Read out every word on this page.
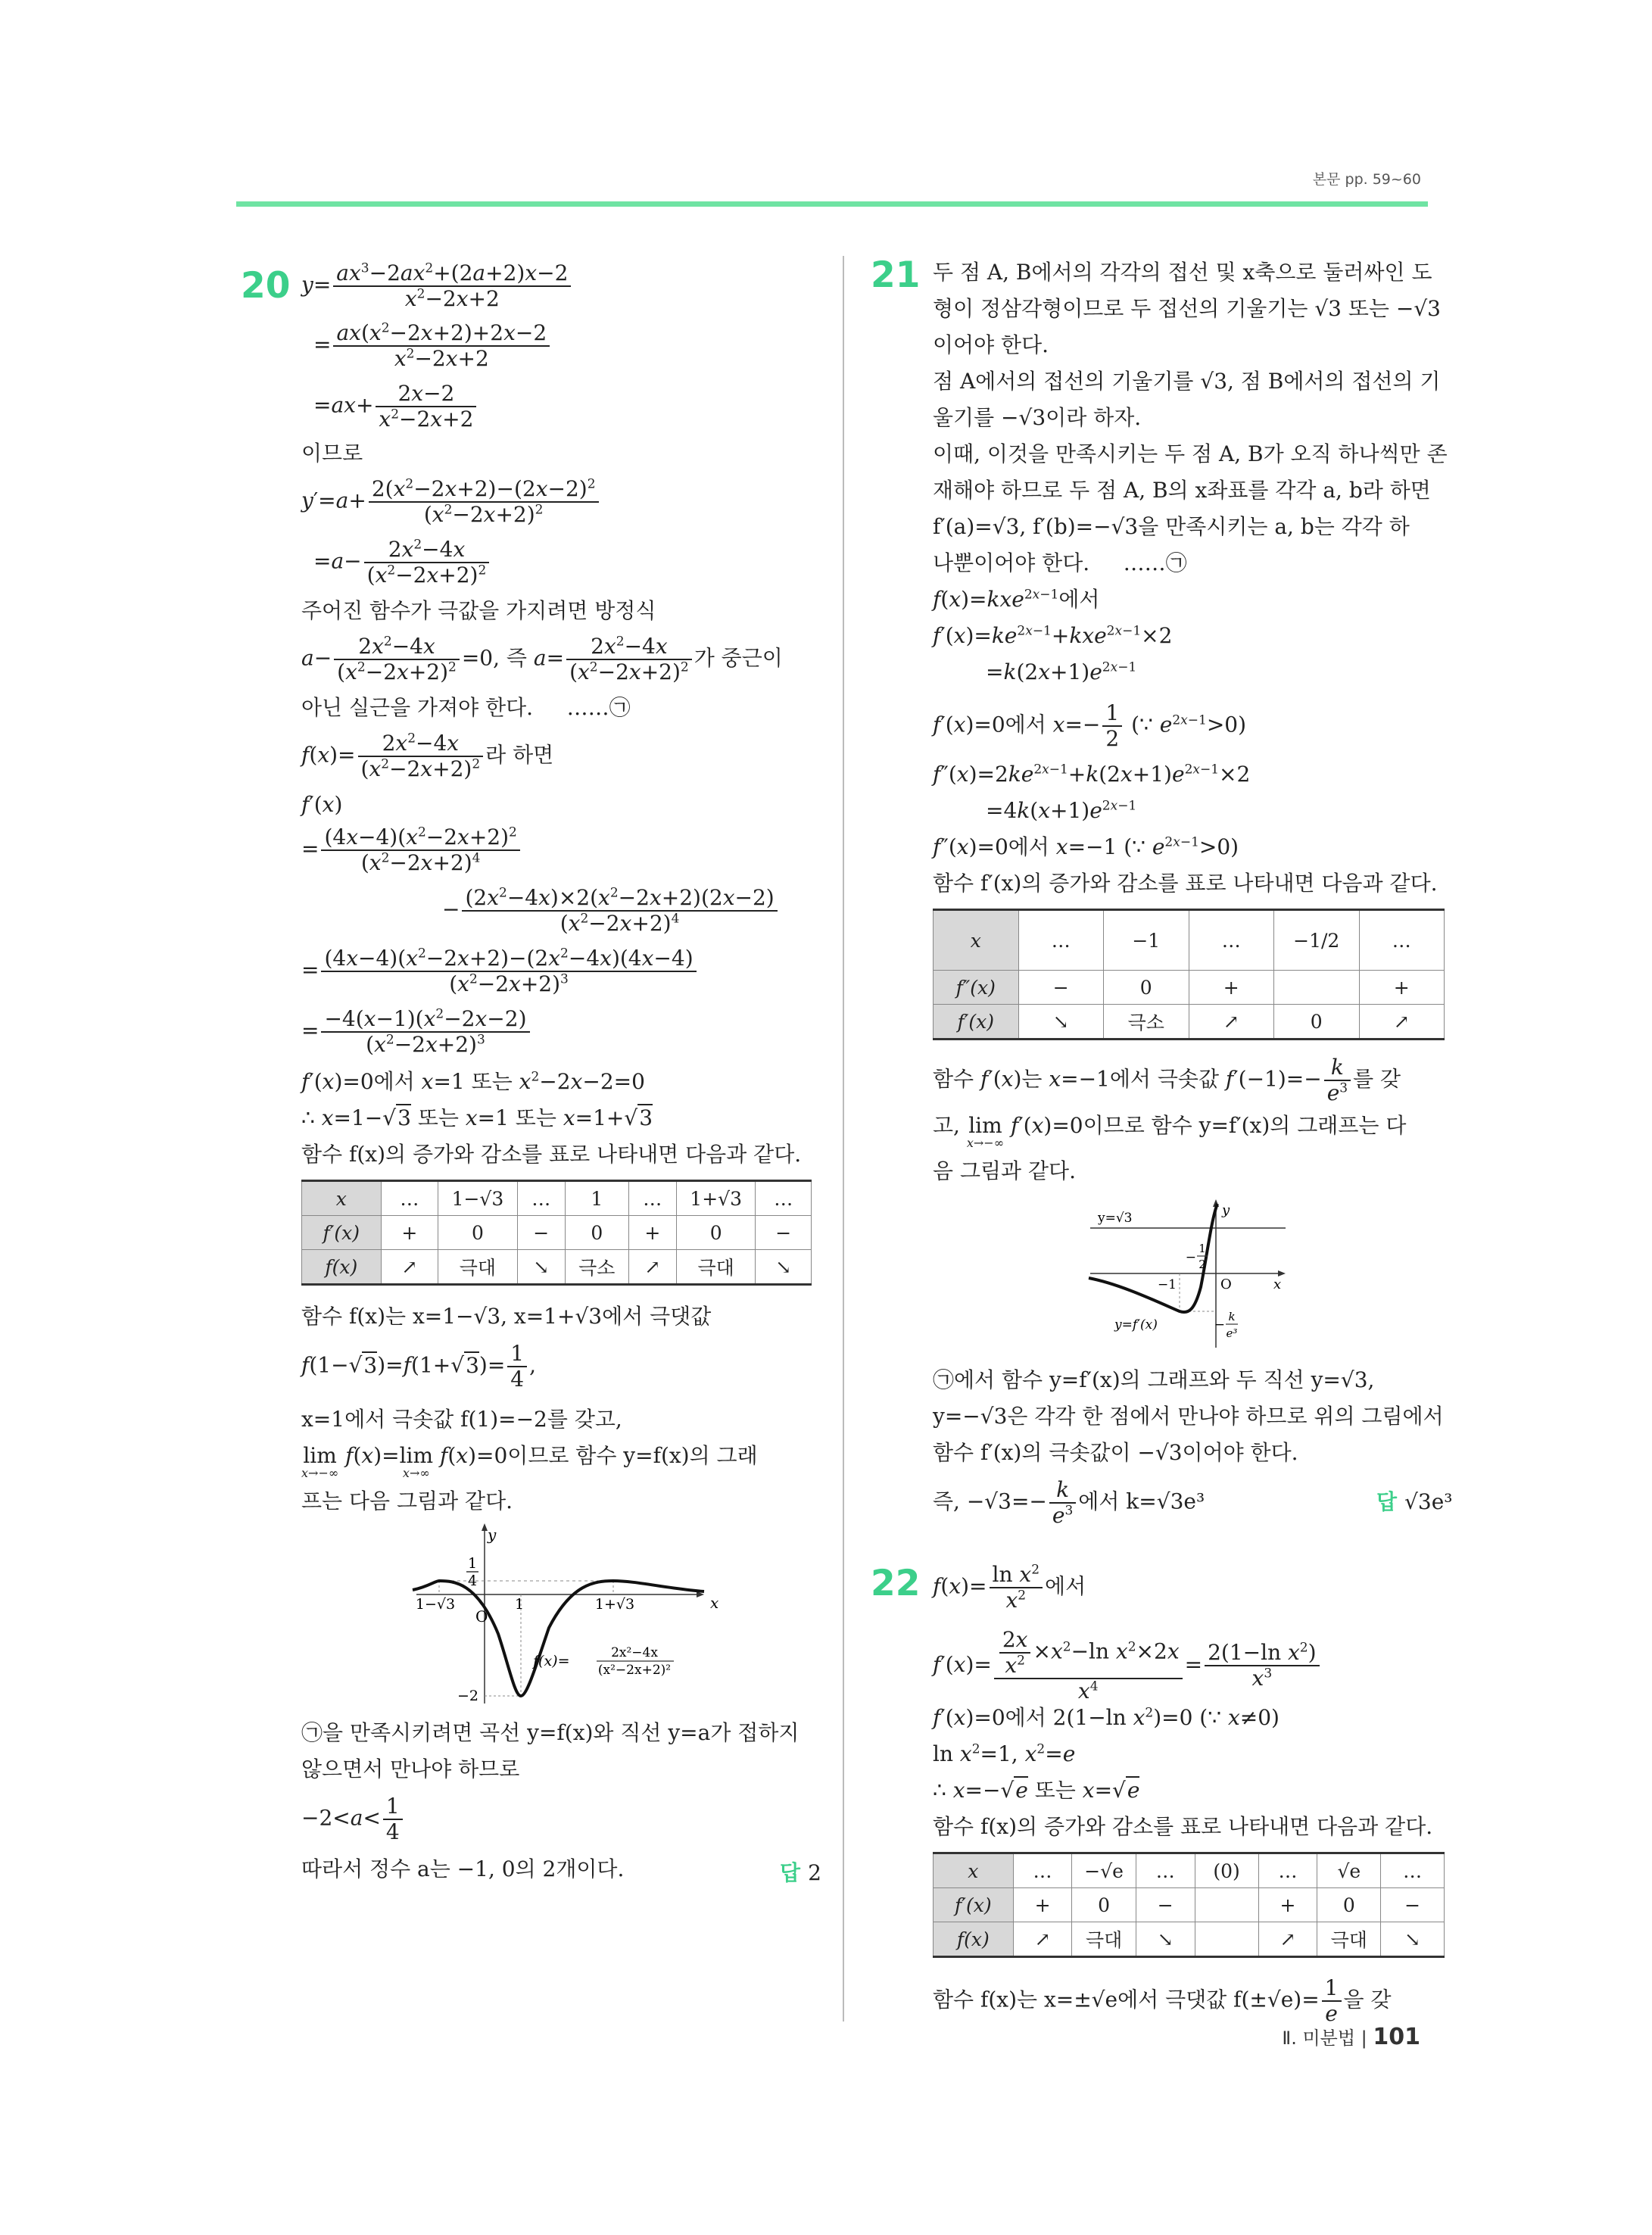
본문 pp. 59~60
20 $y= \frac{ax^3-2ax^2+(2a+2)x-2}{x^2-2x+2}$
= $\frac{ax(x^2-2x+2)+2x-2}{x^2-2x+2}$
$=ax+ \frac{2x-2}{x^2-2x+2}$
이므로
$y'=a+ \frac{2(x^2-2x+2)-(2x-2)^2}{(x^2-2x+2)^2}$
$=a- \frac{2x^2-4x}{(x^2-2x+2)^2}$
주어진 함수가 극값을 가지려면 방정식
$a- \frac{2x^2-4x}{(x^2-2x+2)^2} =0$, 즉 $a= \frac{2x^2-4x}{(x^2-2x+2)^2}$ 가 중근이
아닌 실근을 가져야 한다. ……㉠
$f(x)= \frac{2x^2-4x}{(x^2-2x+2)^2}$ 라 하면
f′(x)
= $\frac{(4x-4)(x^2-2x+2)^2}{(x^2-2x+2)^4}$
− $\frac{(2x^2-4x)\times 2(x^2-2x+2)(2x-2)}{(x^2-2x+2)^4}$
= $\frac{(4x-4)(x^2-2x+2)-(2x^2-4x)(4x-4)}{(x^2-2x+2)^3}$
= $\frac{-4(x-1)(x^2-2x-2)}{(x^2-2x+2)^3}$
f′(x)=0에서 x=1 또는 $x^2-2x-2=0$
∴ x=1−√3 또는 x=1 또는 x=1+√3
함수 f(x)의 증가와 감소를 표로 나타내면 다음과 같다.
x	…	1−√3	…	1	…	1+√3	…
f′(x)	+	0	−	0	+	0	−
f(x)	↗	극대	↘	극소	↗	극대	↘
함수 f(x)는 x=1−√3, x=1+√3에서 극댓값
$f(1-√3)=f(1+√3)= \frac{1}{4}$ ,
x=1에서 극솟값 f(1)=−2를 갖고,
lim
x→−∞
f(x)=lim
x→∞
f(x)=0이므로 함수 y=f(x)의 그래
프는 다음 그림과 같다.
y
x
1
4
1−√3
O
1	1+√3
−2
f(x)=	2x²−4x
(x²−2x+2)²
㉠을 만족시키려면 곡선 y=f(x)와 직선 y=a가 접하지
않으면서 만나야 하므로
$-2<a< \frac{1}{4}$
따라서 정수 a는 −1, 0의 2개이다.	답 2
21 두 점 A, B에서의 각각의 접선 및 x축으로 둘러싸인 도
형이 정삼각형이므로 두 접선의 기울기는 √3 또는 −√3
이어야 한다.
점 A에서의 접선의 기울기를 √3, 점 B에서의 접선의 기
울기를 −√3이라 하자.
이때, 이것을 만족시키는 두 점 A, B가 오직 하나씩만 존
재해야 하므로 두 점 A, B의 x좌표를 각각 a, b라 하면
f′(a)=√3, f′(b)=−√3을 만족시키는 a, b는 각각 하
나뿐이어야 한다. ……㉠
f(x)=kxe$^{2x-1}$에서
$f'(x)=ke^{2x-1}+kxe^{2x-1}\times 2$
$=k(2x+1)e^{2x-1}$
f′(x)=0에서 $x=- \frac{1}{2}$ (∵ $e^{2x-1}>0$)
$f''(x)=2ke^{2x-1}+k(2x+1)e^{2x-1}\times 2$
$=4k(x+1)e^{2x-1}$
f″(x)=0에서 x=−1 (∵ $e^{2x-1}>0$)
함수 f′(x)의 증가와 감소를 표로 나타내면 다음과 같다.
x	…	−1	…	−1/2	…
f″(x)	−	0	+		+
f′(x)	↘	극소	↗	0	↗
함수 f′(x)는 x=−1에서 극솟값 $f'(-1)=- \frac{k}{e^3}$ 를 갖
고, lim
x→−∞
f′(x)=0이므로 함수 y=f′(x)의 그래프는 다
음 그림과 같다.
y
x
y=√3
O
−1
−
1
2
y=f′(x)	−
k
e³
㉠에서 함수 y=f′(x)의 그래프와 두 직선 y=√3,
y=−√3은 각각 한 점에서 만나야 하므로 위의 그림에서
함수 f′(x)의 극솟값이 −√3이어야 한다.
즉, $-√3=- \frac{k}{e^3}$ 에서 k=√3e³	답 √3e³
22 $f(x)= \frac{\ln x^2}{x^2}$ 에서
$f'(x)= \frac{\frac{2x}{x^2} \times x^2-\ln x^2\times 2x}{x^4} = \frac{2(1-\ln x^2)}{x^3}$
f′(x)=0에서 2(1−ln $x^2)=0$ (∵ x≠0)
$\ln x^2=1$, $x^2=e$
∴ x=−√e 또는 x=√e
함수 f(x)의 증가와 감소를 표로 나타내면 다음과 같다.
x	…	−√e	…	(0)	…	√e	…
f′(x)	+	0	−		+	0	−
f(x)	↗	극대	↘		↗	극대	↘
함수 f(x)는 x=±√e에서 극댓값 $f(\pm√e)= \frac{1}{e}$ 을 갖
Ⅱ. 미분법 | 101
